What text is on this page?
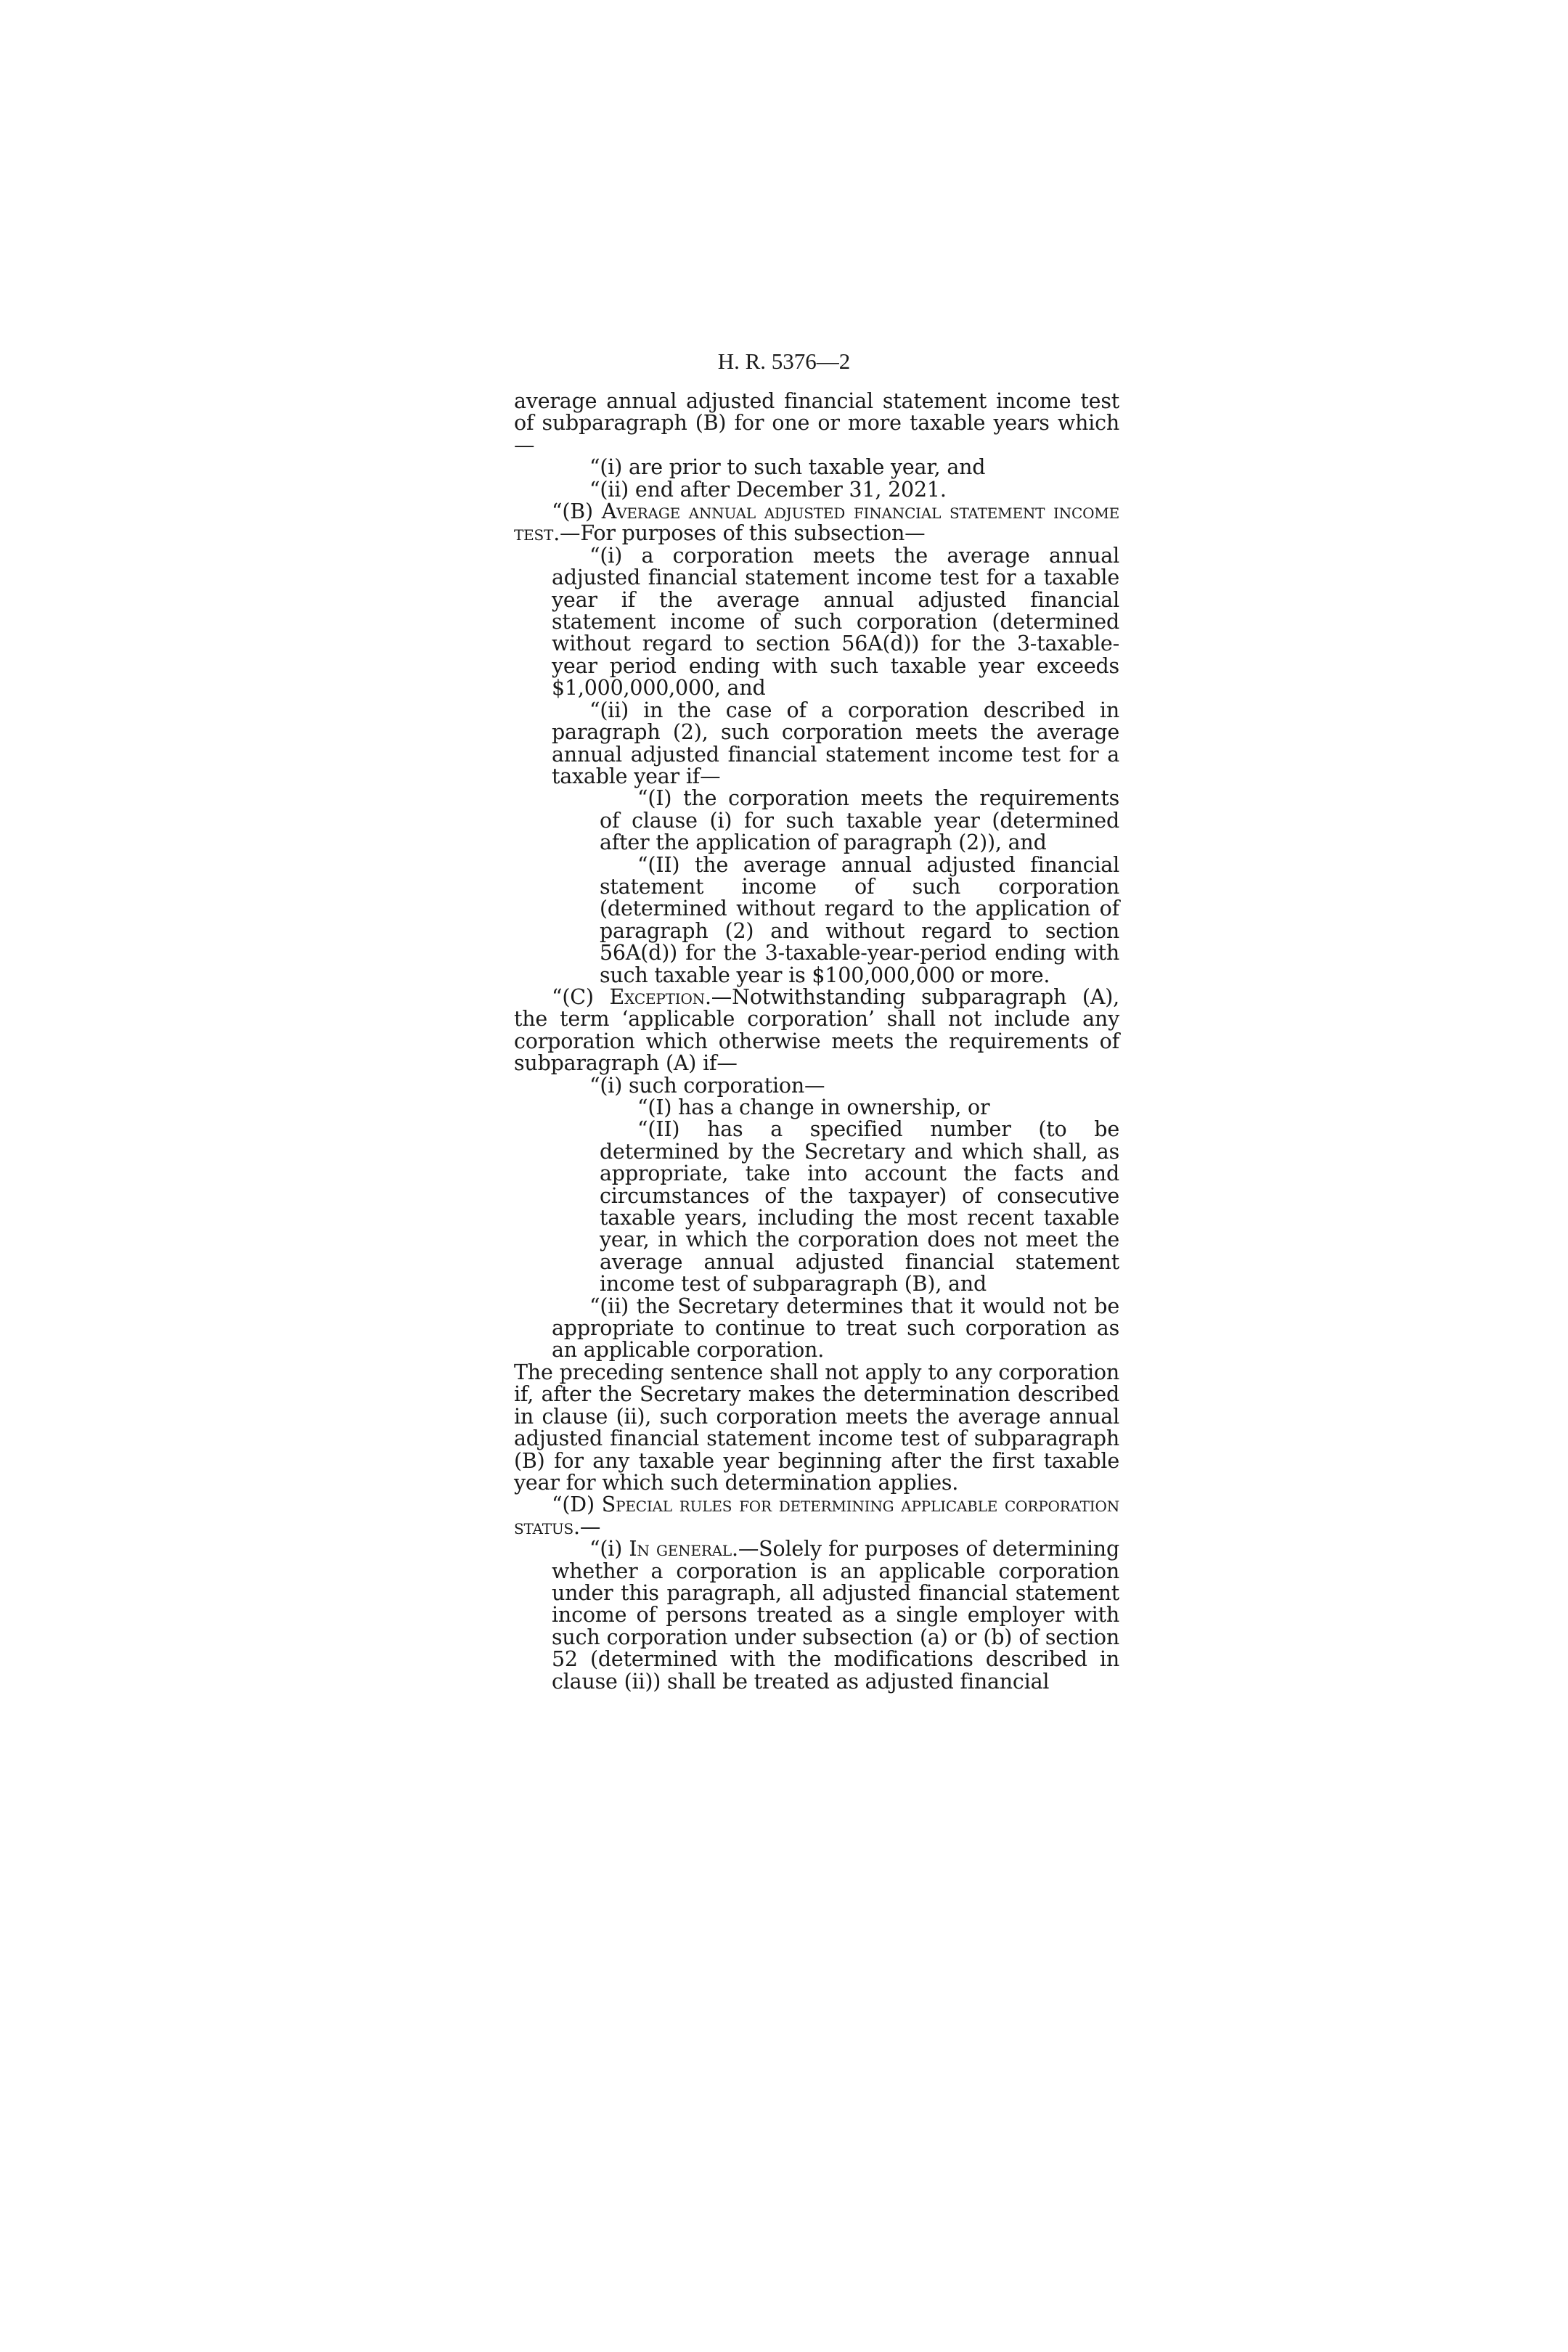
H. R. 5376—2

average annual adjusted financial statement income test of subparagraph (B) for one or more taxable years which—

“(i) are prior to such taxable year, and

“(ii) end after December 31, 2021.

“(B) Average annual adjusted financial statement income test.—For purposes of this subsection—

“(i) a corporation meets the average annual adjusted financial statement income test for a taxable year if the average annual adjusted financial statement income of such corporation (determined without regard to section 56A(d)) for the 3-taxable-year period ending with such taxable year exceeds $1,000,000,000, and

“(ii) in the case of a corporation described in paragraph (2), such corporation meets the average annual adjusted financial statement income test for a taxable year if—

“(I) the corporation meets the requirements of clause (i) for such taxable year (determined after the application of paragraph (2)), and

“(II) the average annual adjusted financial statement income of such corporation (determined without regard to the application of paragraph (2) and without regard to section 56A(d)) for the 3-taxable-year-period ending with such taxable year is $100,000,000 or more.

“(C) Exception.—Notwithstanding subparagraph (A), the term ‘applicable corporation’ shall not include any corporation which otherwise meets the requirements of subparagraph (A) if—

“(i) such corporation—

“(I) has a change in ownership, or

“(II) has a specified number (to be determined by the Secretary and which shall, as appropriate, take into account the facts and circumstances of the taxpayer) of consecutive taxable years, including the most recent taxable year, in which the corporation does not meet the average annual adjusted financial statement income test of subparagraph (B), and

“(ii) the Secretary determines that it would not be appropriate to continue to treat such corporation as an applicable corporation.

The preceding sentence shall not apply to any corporation if, after the Secretary makes the determination described in clause (ii), such corporation meets the average annual adjusted financial statement income test of subparagraph (B) for any taxable year beginning after the first taxable year for which such determination applies.

“(D) Special rules for determining applicable corporation status.—

“(i) In general.—Solely for purposes of determining whether a corporation is an applicable corporation under this paragraph, all adjusted financial statement income of persons treated as a single employer with such corporation under subsection (a) or (b) of section 52 (determined with the modifications described in clause (ii)) shall be treated as adjusted financial
